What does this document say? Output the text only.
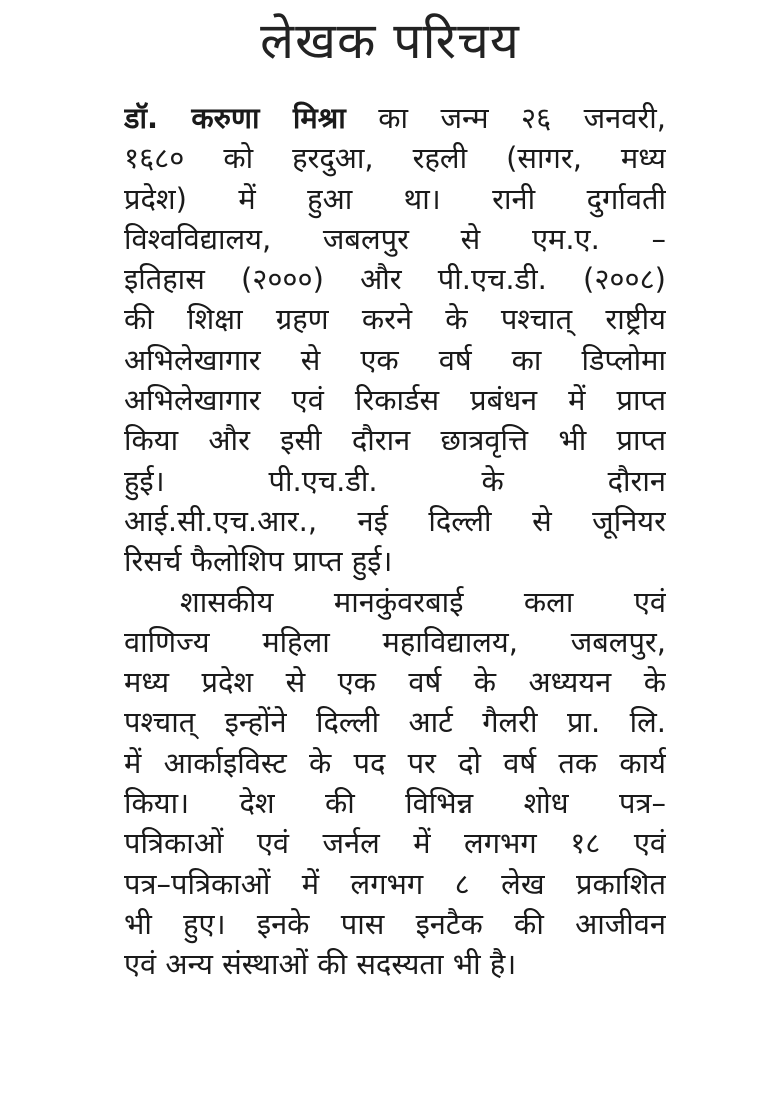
लेखक परिचय
डॉ. करुणा मिश्रा का जन्म २६ जनवरी,
१६८० को हरदुआ, रहली (सागर, मध्य
प्रदेश) में हुआ था। रानी दुर्गावती
विश्वविद्यालय, जबलपुर से एम.ए. –
इतिहास (२०००) और पी.एच.डी. (२००८)
की शिक्षा ग्रहण करने के पश्चात् राष्ट्रीय
अभिलेखागार से एक वर्ष का डिप्लोमा
अभिलेखागार एवं रिकार्डस प्रबंधन में प्राप्त
किया और इसी दौरान छात्रवृत्ति भी प्राप्त
हुई। पी.एच.डी. के दौरान
आई.सी.एच.आर., नई दिल्ली से जूनियर
रिसर्च फैलोशिप प्राप्त हुई।
शासकीय मानकुंवरबाई कला एवं
वाणिज्य महिला महाविद्यालय, जबलपुर,
मध्य प्रदेश से एक वर्ष के अध्ययन के
पश्चात् इन्होंने दिल्ली आर्ट गैलरी प्रा. लि.
में आर्काइविस्ट के पद पर दो वर्ष तक कार्य
किया। देश की विभिन्न शोध पत्र–
पत्रिकाओं एवं जर्नल में लगभग १८ एवं
पत्र–पत्रिकाओं में लगभग ८ लेख प्रकाशित
भी हुए। इनके पास इनटैक की आजीवन
एवं अन्य संस्थाओं की सदस्यता भी है।
